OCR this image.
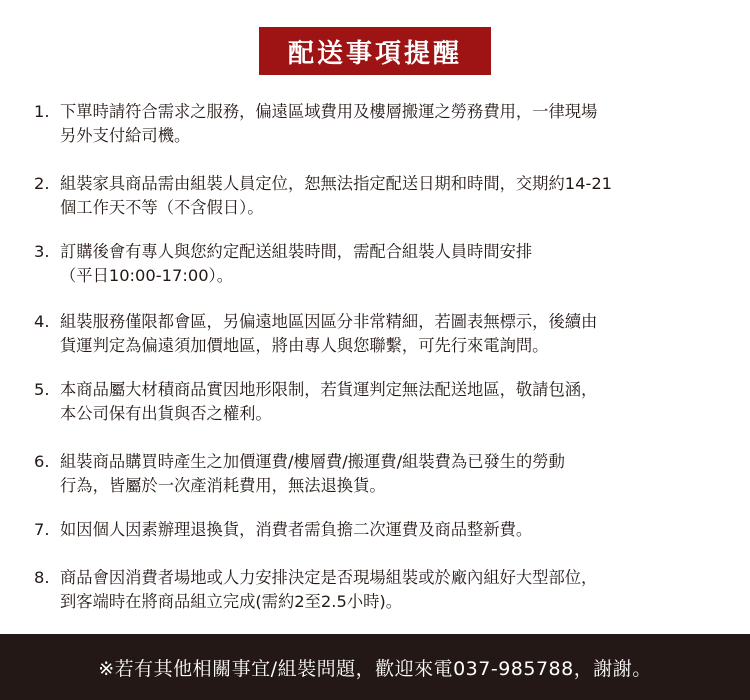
配送事項提醒
1. 下單時請符合需求之服務，偏遠區域費用及樓層搬運之勞務費用，一律現場
另外支付給司機。
2. 組裝家具商品需由組裝人員定位，恕無法指定配送日期和時間，交期約14-21
個工作天不等（不含假日）。
3. 訂購後會有專人與您約定配送組裝時間，需配合組裝人員時間安排
（平日10:00-17:00）。
4. 組裝服務僅限都會區，另偏遠地區因區分非常精細，若圖表無標示，後續由
貨運判定為偏遠須加價地區，將由專人與您聯繫，可先行來電詢問。
5. 本商品屬大材積商品實因地形限制，若貨運判定無法配送地區，敬請包涵，
本公司保有出貨與否之權利。
6. 組裝商品購買時產生之加價運費/樓層費/搬運費/組裝費為已發生的勞動
行為，皆屬於一次產消耗費用，無法退換貨。
7. 如因個人因素辦理退換貨，消費者需負擔二次運費及商品整新費。
8. 商品會因消費者場地或人力安排決定是否現場組裝或於廠內組好大型部位，
到客端時在將商品組立完成(需約2至2.5小時)。
※若有其他相關事宜/組裝問題，歡迎來電037-985788，謝謝。
